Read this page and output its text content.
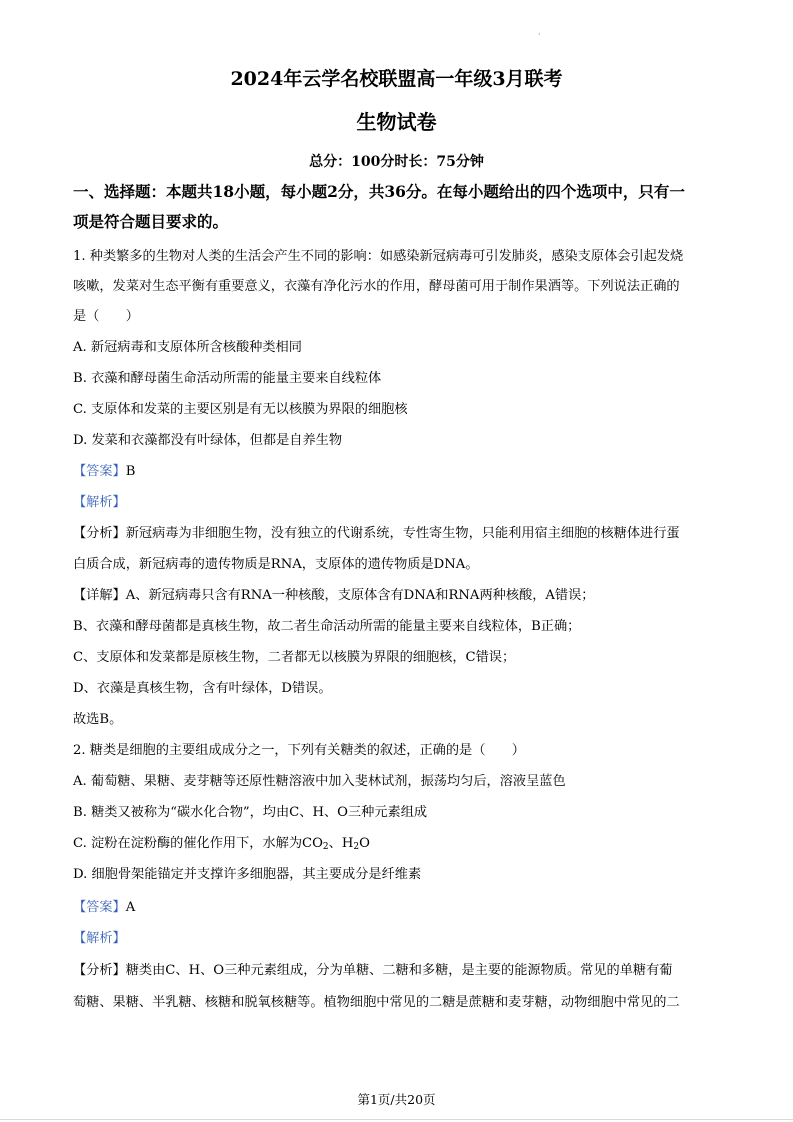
·
2024年云学名校联盟高一年级3月联考
生物试卷
总分：100分时长：75分钟
一、选择题：本题共18小题，每小题2分，共36分。在每小题给出的四个选项中，只有一
项是符合题目要求的。
1. 种类繁多的生物对人类的生活会产生不同的影响：如感染新冠病毒可引发肺炎，感染支原体会引起发烧
咳嗽，发菜对生态平衡有重要意义，衣藻有净化污水的作用，酵母菌可用于制作果酒等。下列说法正确的
是（　　）
A. 新冠病毒和支原体所含核酸种类相同
B. 衣藻和酵母菌生命活动所需的能量主要来自线粒体
C. 支原体和发菜的主要区别是有无以核膜为界限的细胞核
D. 发菜和衣藻都没有叶绿体，但都是自养生物
【答案】B
【解析】
【分析】新冠病毒为非细胞生物，没有独立的代谢系统，专性寄生物，只能利用宿主细胞的核糖体进行蛋
白质合成，新冠病毒的遗传物质是RNA，支原体的遗传物质是DNA。
【详解】A、新冠病毒只含有RNA一种核酸，支原体含有DNA和RNA两种核酸，A错误；
B、衣藻和酵母菌都是真核生物，故二者生命活动所需的能量主要来自线粒体，B正确；
C、支原体和发菜都是原核生物，二者都无以核膜为界限的细胞核，C错误；
D、衣藻是真核生物，含有叶绿体，D错误。
故选B。
2. 糖类是细胞的主要组成成分之一，下列有关糖类的叙述，正确的是（　　）
A. 葡萄糖、果糖、麦芽糖等还原性糖溶液中加入斐林试剂，振荡均匀后，溶液呈蓝色
B. 糖类又被称为“碳水化合物”，均由C、H、O三种元素组成
C. 淀粉在淀粉酶的催化作用下，水解为$CO_2$、$H_2O$
D. 细胞骨架能锚定并支撑许多细胞器，其主要成分是纤维素
【答案】A
【解析】
【分析】糖类由C、H、O三种元素组成，分为单糖、二糖和多糖，是主要的能源物质。常见的单糖有葡
萄糖、果糖、半乳糖、核糖和脱氧核糖等。植物细胞中常见的二糖是蔗糖和麦芽糖，动物细胞中常见的二
第1页/共20页
